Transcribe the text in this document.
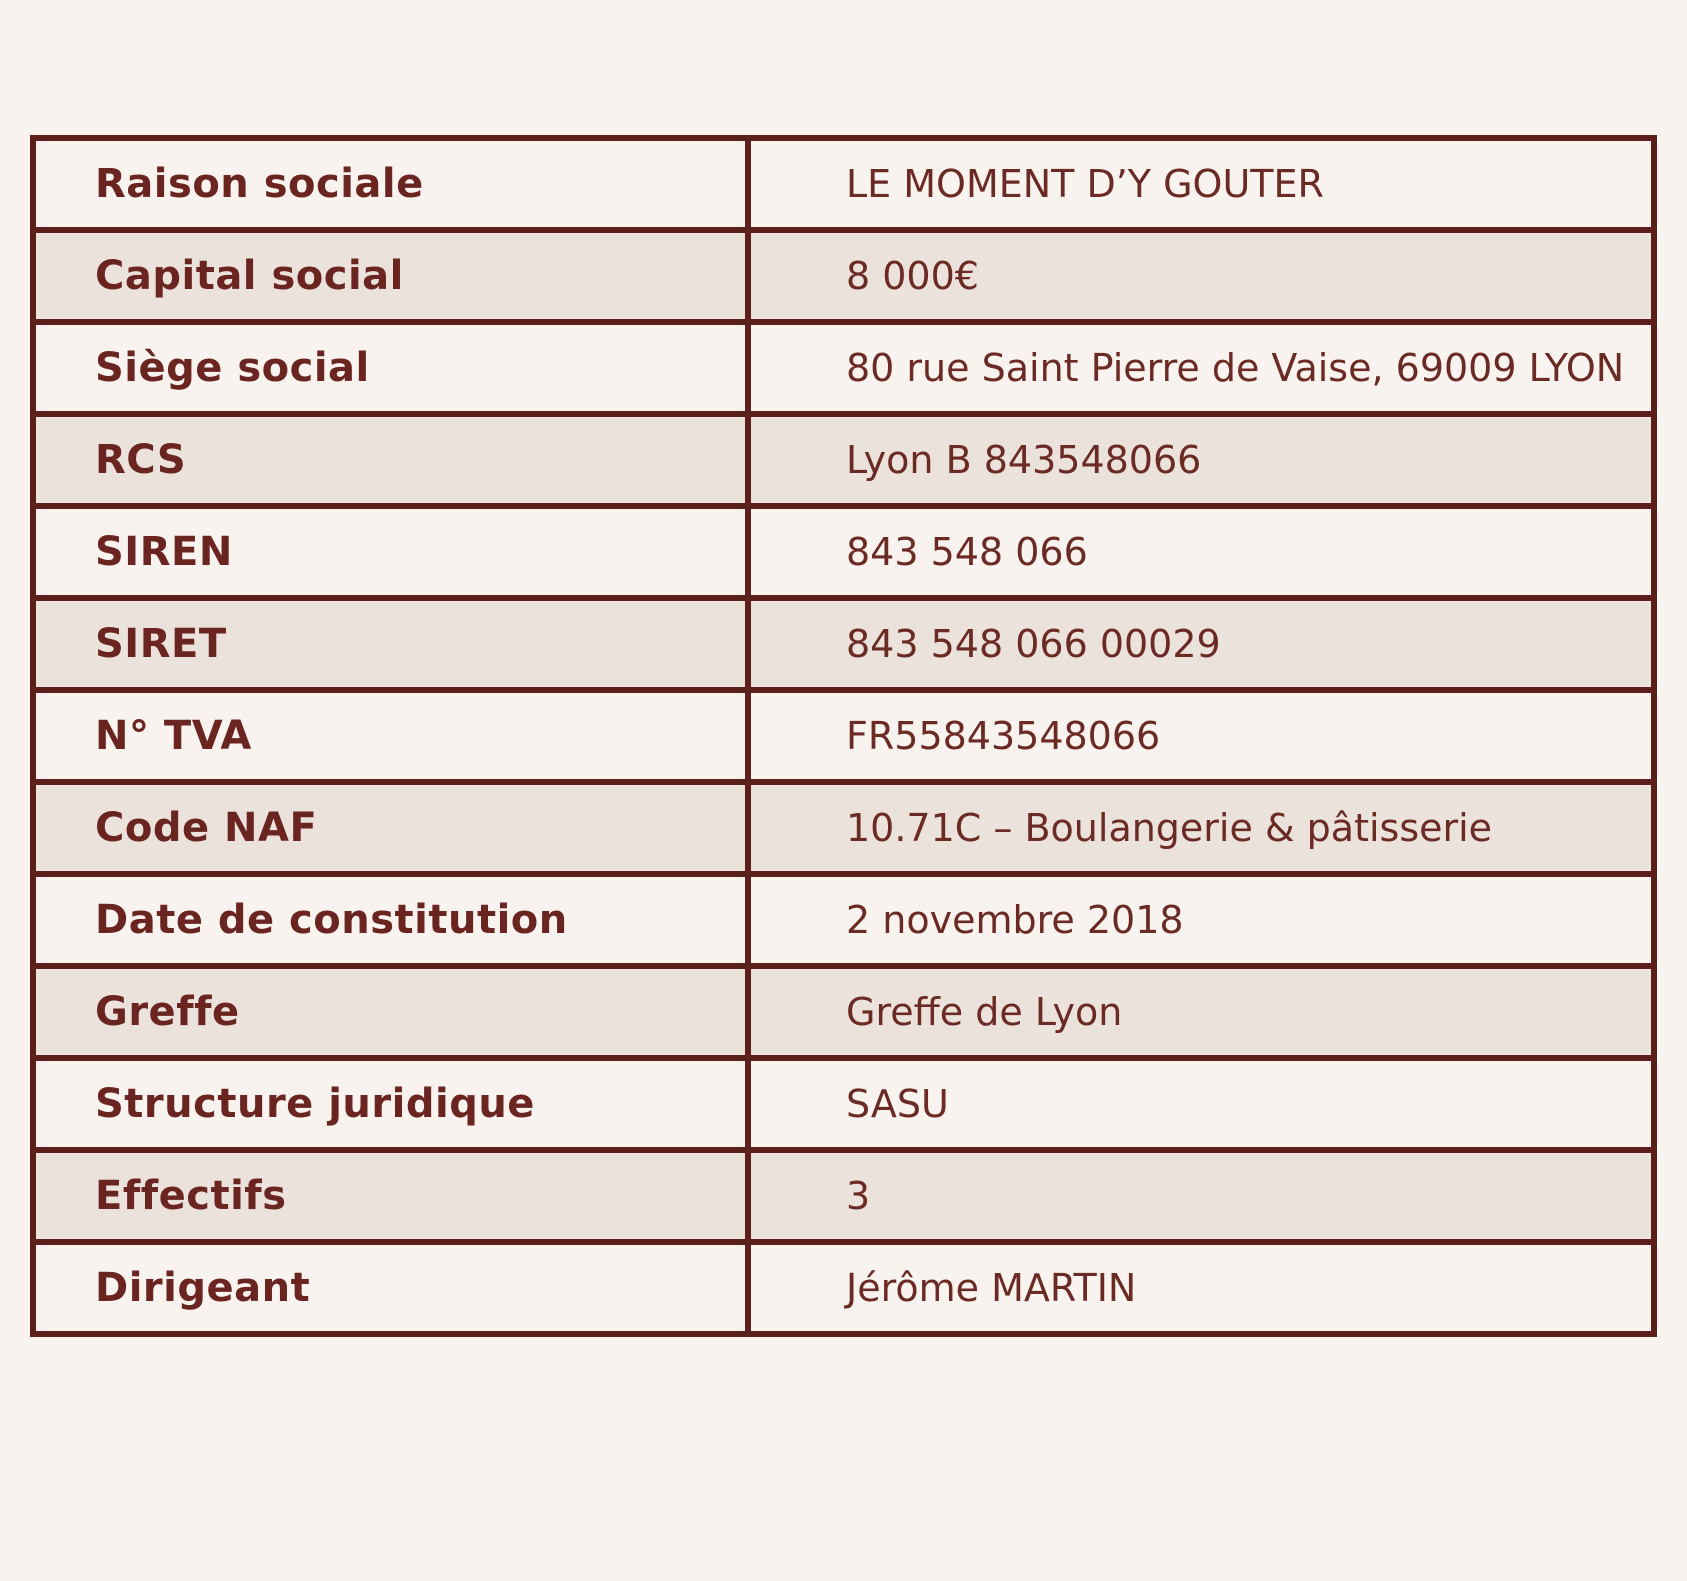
Raison sociale	LE MOMENT D’Y GOUTER
Capital social	8 000€
Siège social	80 rue Saint Pierre de Vaise, 69009 LYON
RCS	Lyon B 843548066
SIREN	843 548 066
SIRET	843 548 066 00029
N° TVA	FR55843548066
Code NAF	10.71C – Boulangerie & pâtisserie
Date de constitution	2 novembre 2018
Greffe	Greffe de Lyon
Structure juridique	SASU
Effectifs	3
Dirigeant	Jérôme MARTIN
